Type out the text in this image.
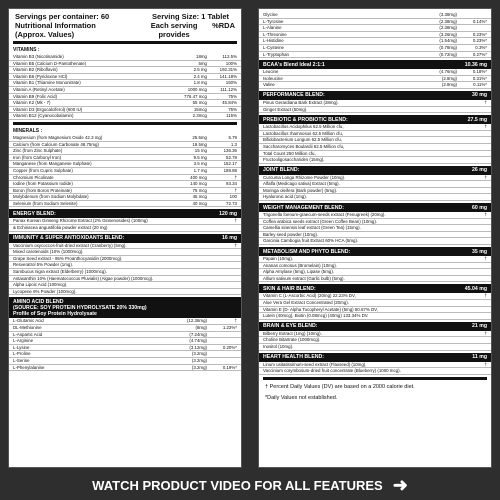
Servings per container: 60
Nutritional Information
(Approx. Values)
Serving Size: 1 Tablet
Each serving provides
%RDA
VITAMINS :
Vitamin B3 (Nicotinamide)	18mg	112.5%
Vitamin B5 (Calcium D-Pantothenate)	5mg	100%
Vitamin B2 (Riboflavin)	2.5 mg	192.31%
Vitamin B6 (Pyridoxine HCl)	2.4 mg	141.18%
Vitamin B1 (Thiamine Mononitrate)	1.8 mg	150%
Vitamin A (Retinyl Acetate)	1000 mcg	111.12%
Vitamin B9 (Folic Acid)	776.47 mcg	75%
Vitamin K2 (Mk - 7)	55 mcg	45.84%
Vitamin D3 (Ergocalciferol) (600 IU)	15mcg	75%
Vitamin B12 (Cyanocobalamin)	2.3mcg	115%
MINERALS :
Magnesium (from Magnesium Oxide 42.3 mg)	25.5mg	5.79
Calcium (from Calcium Carbonate 48.75mg)	19.5mg	1.3
Zinc (from Zinc Sulphate)	15 mg	136.36
Iron (from Carbonyl Iron)	9.5 mg	52.78
Manganese (from Manganese Sulphate)	3.5 mg	152.17
Copper (from Cupric Sulphate)	1.7 mg	188.88
Chromium Picolinate	400 mcg	†
Iodine (from Potassium Iodide)	140 mcg	93.34
Boron (from Boron Proteinate)	75 mcg	†
Molybdenum (from Sodium Molybdate)	45 mcg	100
Selenium (from Sodium Selenite)	40 mcg	72.73
ENERGY BLEND:	120 mg
Panax Korean Ginseng Rhizome Extract (2% Ginsenosides) (100mg)	†
& Echinacea angustifolia powder extract (20 mg)
IMMUNITY & SUPER ANTIOXIDANTS BLEND:	16 mg
Vaccinium oxycoccos-fruit-dried extract (Cranberry) (5mg).	†
Mixed carotenoids (10% (1000mcg).
Grape Seed extract - 95% Proanthocyanidin (2000mcg).
Resveratrol 5% Powder (1mg).
Sambucus nigra extract (Elderberry) (1000mcg).
Astaxanthin 10% (Haematococcus Pluvialis) (Algae powder) (1000mcg).
Alpha Lipoic Acid (100mcg).
Lycopene 6% Powder (100mcg).
AMINO ACID BLEND
(SOURCE: SOY PROTEIN HYDROLYSATE 20% 330mg)
Profile of Soy Protein Hydrolysate
L-Glutamic Acid	(12.36mg)	†
DL-Methionine	(8mg)	1.23%*
L-Aspartic Acid	(7.24mg)
L-Arginine	(4.74mg)
L-Lysine	(3.12mg)	0.20%*
L-Proline	(3.2mg)
L-Serine	(3.2mg)
L-Phenylalanine	(3.2mg)	0.19%*
Glycine	(3.38mg)
L-Tyrosine	(2.38mg)	0.14%*
L-Alanine	(2.38mg)
L-Threonine	(3.26mg)	0.23%*
L-Histidine	(1.54mg)	0.23%*
L-Cysteine	(0.78mg)	0.3%*
L-Tryptophan	(0.72mg)	0.27%*
BCAA's Blend Ideal 2:1:1	10.36 mg
Leucine	(4.76mg)	0.18%*
Isoleucine	(2.8mg)	0.31%*
Valine	(2.8mg)	0.11%*
PERFORMANCE BLEND:	30 mg
Pinus Gerardiana Bark Extract (28mg).	†
Ginger Extract (50mg).
PREBIOTIC & PROBIOTIC BLEND:	27.5 mg
Lactobacillus Acidophilus 62.5 Million cfu,	†
Lactobacillus rhamnosus 62.5 Million cfu,
Bifidobacterium Longum 62.5 Million cfu,
Saccharomyces Boulardii 62.5 Million cfu,
Total Count 250 Million cfu,
Fructooligosaccharides (15mg).
JOINT BLEND:	26 mg
Curcuma Longa Rhizome Powder (10mg).	†
Alfalfa (Medicago sativa) Extract (5mg).
Moringa oleifera (Bark powder) (5mg).
Hyaluronic acid (1mg).
WEIGHT MANAGEMENT BLEND:	60 mg
Trigonella foenum-graecum-seeds extract (Fenugreek) (20mg).	†
Coffea arabica seeds extract (Green Coffee Bean) (10mg).
Camellia sinensis leaf extract (Green Tea) (15mg).
Barley seed powder (10mg).
Garcinia Cambogia fruit Extract 60% HCA (5mg).
METABOLISM AND PHYTO BLEND:	35 mg
Papain (10mg).	†
Ananas comosus (Bromelain) (10mg).
Alpha Amylase (5mg), Lipase (5mg).
Allium sativum extract (Garlic bulb) (5mg).
SKIN & HAIR BLEND:	45.04 mg
Vitamin C (L-Ascorbic Acid) (20mg) 22.23% DV,	†
Aloe Vera Gel Extract Concentrated (20mg).
Vitamin E (D- Alpha Tocopheryl Acetate) (5mg) 50.67% DV,
Lutein (40mcg), Biotin (0.08mcg) (40mg) 133.34% DV.
BRAIN & EYE BLEND:	21 mg
Bilberry Extract (1mg) (10mg).	†
Choline Bitartrate (1000mcg).
Inositol (10mg).
HEART HEALTH BLEND:	11 mg
Linum usitatissimum-seed extract (Flaxseed) (10mg).	†
Vaccinium corymbosum-dried fruit concentrate (Blueberry) (1000 mcg).
† Percent Daily Values (DV) are based on a 2000 calorie diet.
*Daily Values not established.
WATCH PRODUCT VIDEO FOR ALL FEATURES ➜
